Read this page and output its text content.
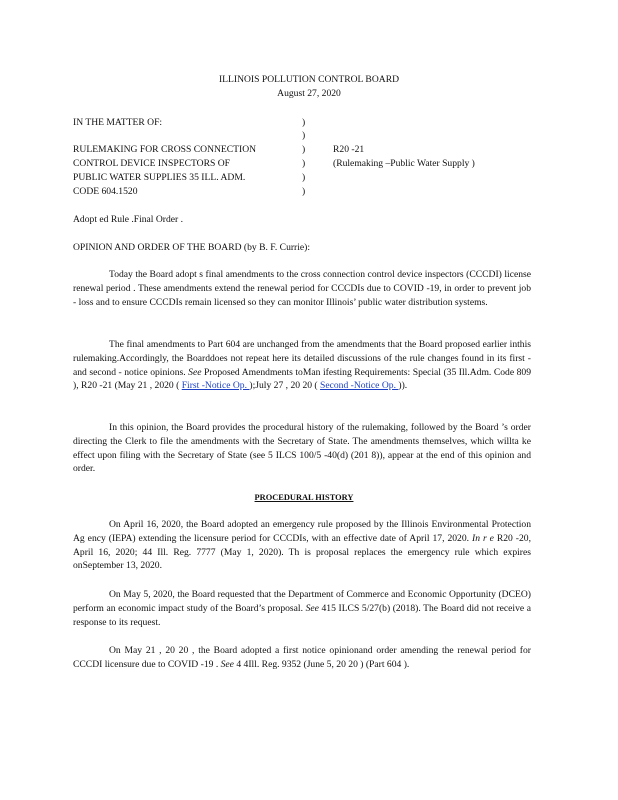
ILLINOIS POLLUTION CONTROL BOARD
August 27, 2020
IN THE MATTER OF:	)
)
)
)
)
)
RULEMAKING FOR CROSS CONNECTION
CONTROL DEVICE INSPECTORS OF
PUBLIC WATER SUPPLIES 35 ILL. ADM.
CODE 604.1520
R20 -21
(Rulemaking –Public Water Supply )
Adopt ed Rule .Final Order .
OPINION AND ORDER OF THE BOARD (by B. F. Currie):
Today the Board adopt s final amendments to the cross connection control device inspectors (CCCDI) license renewal period . These amendments extend the renewal period for CCCDIs due to COVID -19, in order to prevent job - loss and to ensure CCCDIs remain licensed so they can monitor Illinois’ public water distribution systems.
The final amendments to Part 604 are unchanged from the amendments that the Board proposed earlier inthis rulemaking.Accordingly, the Boarddoes not repeat here its detailed discussions of the rule changes found in its first - and second - notice opinions. See Proposed Amendments toMan ifesting Requirements: Special (35 Ill.Adm. Code 809 ), R20 -21 (May 21 , 2020 ( First -Notice Op. );July 27 , 20 20 ( Second -Notice Op. )).
In this opinion, the Board provides the procedural history of the rulemaking, followed by the Board ’s order directing the Clerk to file the amendments with the Secretary of State. The amendments themselves, which willta ke effect upon filing with the Secretary of State (see 5 ILCS 100/5 -40(d) (201 8)), appear at the end of this opinion and order.
PROCEDURAL HISTORY
On April 16, 2020, the Board adopted an emergency rule proposed by the Illinois Environmental Protection Ag ency (IEPA) extending the licensure period for CCCDIs, with an effective date of April 17, 2020. In r e R20 -20, April 16, 2020; 44 Ill. Reg. 7777 (May 1, 2020). Th is proposal replaces the emergency rule which expires onSeptember 13, 2020.
On May 5, 2020, the Board requested that the Department of Commerce and Economic Opportunity (DCEO) perform an economic impact study of the Board’s proposal. See 415 ILCS 5/27(b) (2018). The Board did not receive a response to its request.
On May 21 , 20 20 , the Board adopted a first notice opinionand order amending the renewal period for CCCDI licensure due to COVID -19 . See 4 4Ill. Reg. 9352 (June 5, 20 20 ) (Part 604 ).
